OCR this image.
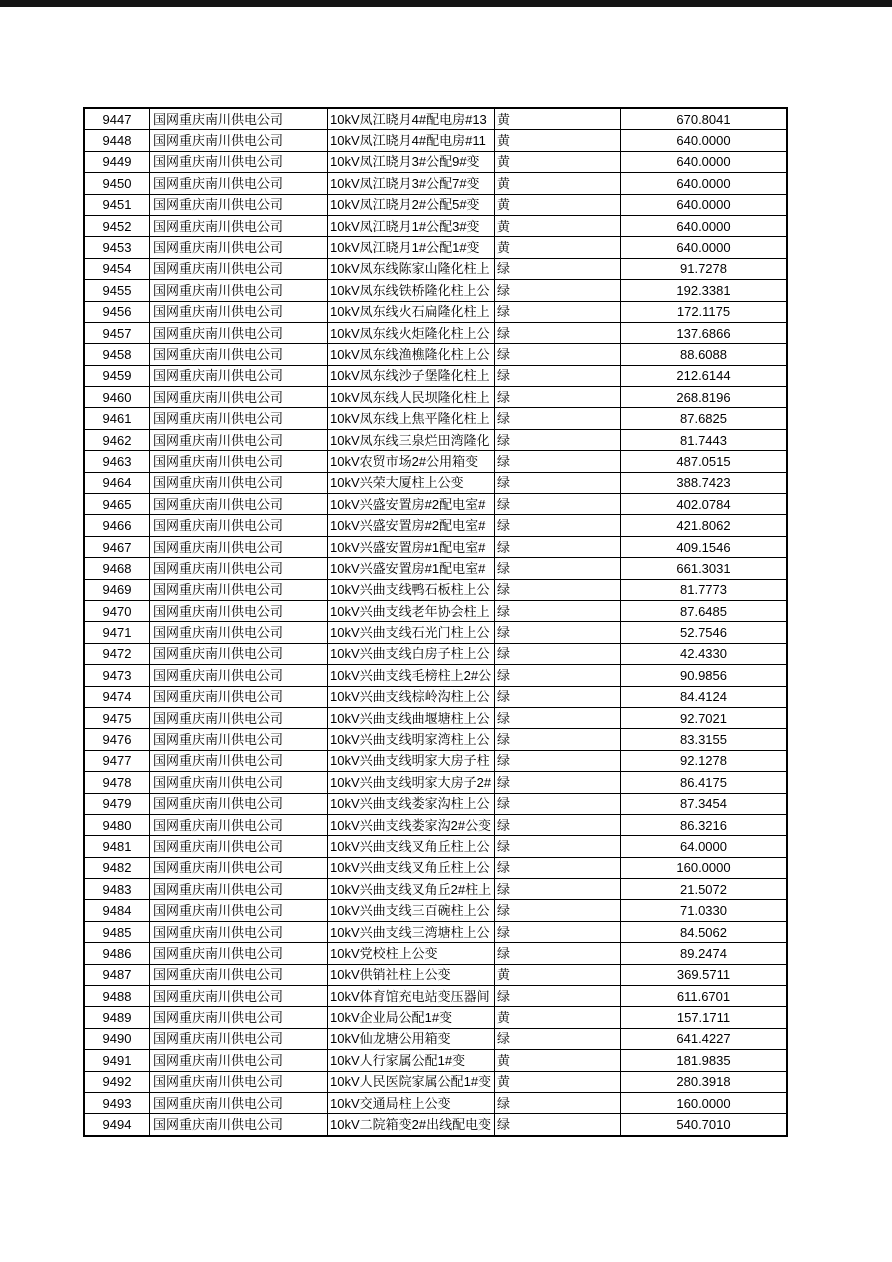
9447	国网重庆南川供电公司	10kV凤江晓月4#配电房#13 黄	670.8041
9448	国网重庆南川供电公司	10kV凤江晓月4#配电房#11 黄	640.0000
9449	国网重庆南川供电公司	10kV凤江晓月3#公配9#变	黄	640.0000
9450	国网重庆南川供电公司	10kV凤江晓月3#公配7#变	黄	640.0000
9451	国网重庆南川供电公司	10kV凤江晓月2#公配5#变	黄	640.0000
9452	国网重庆南川供电公司	10kV凤江晓月1#公配3#变	黄	640.0000
9453	国网重庆南川供电公司	10kV凤江晓月1#公配1#变	黄	640.0000
9454	国网重庆南川供电公司	10kV凤东线陈家山隆化柱上 绿	91.7278
9455	国网重庆南川供电公司	10kV凤东线铁桥隆化柱上公 绿	192.3381
9456	国网重庆南川供电公司	10kV凤东线火石扁隆化柱上 绿	172.1175
9457	国网重庆南川供电公司	10kV凤东线火炬隆化柱上公 绿	137.6866
9458	国网重庆南川供电公司	10kV凤东线渔樵隆化柱上公 绿	88.6088
9459	国网重庆南川供电公司	10kV凤东线沙子堡隆化柱上 绿	212.6144
9460	国网重庆南川供电公司	10kV凤东线人民坝隆化柱上 绿	268.8196
9461	国网重庆南川供电公司	10kV凤东线上焦平隆化柱上 绿	87.6825
9462	国网重庆南川供电公司	10kV凤东线三泉烂田湾隆化 绿	81.7443
9463	国网重庆南川供电公司	10kV农贸市场2#公用箱变	绿	487.0515
9464	国网重庆南川供电公司	10kV兴荣大厦柱上公变	绿	388.7423
9465	国网重庆南川供电公司	10kV兴盛安置房#2配电室# 绿	402.0784
9466	国网重庆南川供电公司	10kV兴盛安置房#2配电室# 绿	421.8062
9467	国网重庆南川供电公司	10kV兴盛安置房#1配电室# 绿	409.1546
9468	国网重庆南川供电公司	10kV兴盛安置房#1配电室# 绿	661.3031
9469	国网重庆南川供电公司	10kV兴曲支线鸭石板柱上公 绿	81.7773
9470	国网重庆南川供电公司	10kV兴曲支线老年协会柱上 绿	87.6485
9471	国网重庆南川供电公司	10kV兴曲支线石光门柱上公 绿	52.7546
9472	国网重庆南川供电公司	10kV兴曲支线白房子柱上公 绿	42.4330
9473	国网重庆南川供电公司	10kV兴曲支线毛榜柱上2#公 绿	90.9856
9474	国网重庆南川供电公司	10kV兴曲支线棕岭沟柱上公 绿	84.4124
9475	国网重庆南川供电公司	10kV兴曲支线曲堰塘柱上公 绿	92.7021
9476	国网重庆南川供电公司	10kV兴曲支线明家湾柱上公 绿	83.3155
9477	国网重庆南川供电公司	10kV兴曲支线明家大房子柱 绿	92.1278
9478	国网重庆南川供电公司	10kV兴曲支线明家大房子2# 绿	86.4175
9479	国网重庆南川供电公司	10kV兴曲支线娄家沟柱上公 绿	87.3454
9480	国网重庆南川供电公司	10kV兴曲支线娄家沟2#公变 绿	86.3216
9481	国网重庆南川供电公司	10kV兴曲支线叉角丘柱上公 绿	64.0000
9482	国网重庆南川供电公司	10kV兴曲支线叉角丘柱上公 绿	160.0000
9483	国网重庆南川供电公司	10kV兴曲支线叉角丘2#柱上 绿	21.5072
9484	国网重庆南川供电公司	10kV兴曲支线三百碗柱上公 绿	71.0330
9485	国网重庆南川供电公司	10kV兴曲支线三湾塘柱上公 绿	84.5062
9486	国网重庆南川供电公司	10kV党校柱上公变	绿	89.2474
9487	国网重庆南川供电公司	10kV供销社柱上公变	黄	369.5711
9488	国网重庆南川供电公司	10kV体育馆充电站变压器间 绿	611.6701
9489	国网重庆南川供电公司	10kV企业局公配1#变	黄	157.1711
9490	国网重庆南川供电公司	10kV仙龙塘公用箱变	绿	641.4227
9491	国网重庆南川供电公司	10kV人行家属公配1#变	黄	181.9835
9492	国网重庆南川供电公司	10kV人民医院家属公配1#变 黄	280.3918
9493	国网重庆南川供电公司	10kV交通局柱上公变	绿	160.0000
9494	国网重庆南川供电公司	10kV二院箱变2#出线配电变 绿	540.7010
